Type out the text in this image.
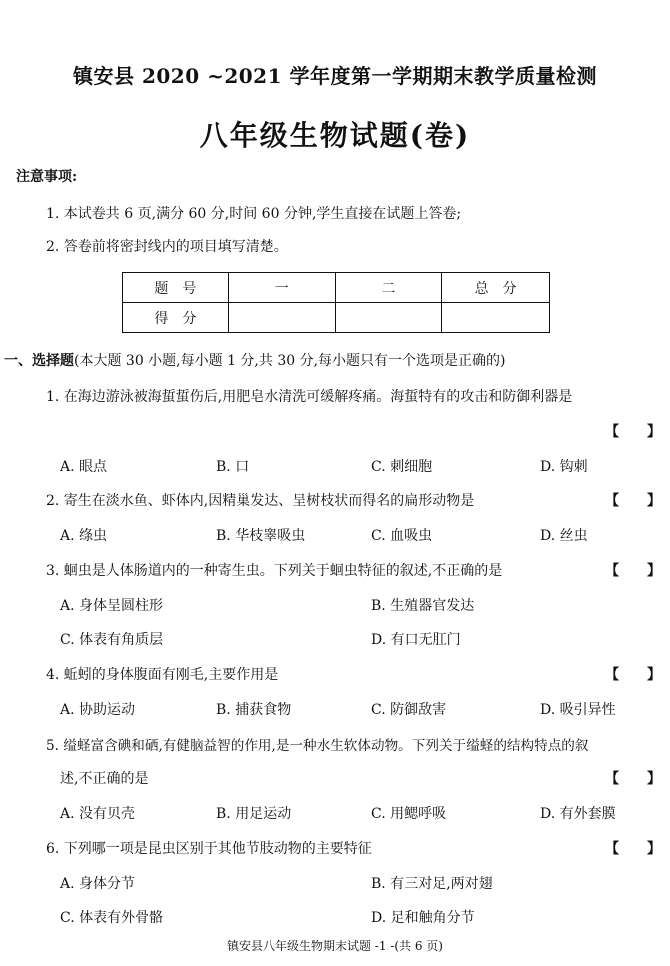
镇安县 2020 ~2021 学年度第一学期期末教学质量检测
八年级生物试题(卷)
注意事项:
1. 本试卷共 6 页,满分 60 分,时间 60 分钟,学生直接在试题上答卷;
2. 答卷前将密封线内的项目填写清楚。
题　号	一	二	总　分
得　分			
一、选择题(本大题 30 小题,每小题 1 分,共 30 分,每小题只有一个选项是正确的)
1. 在海边游泳被海蜇蜇伤后,用肥皂水清洗可缓解疼痛。海蜇特有的攻击和防御利器是
【　　】
A. 眼点	B. 口	C. 刺细胞	D. 钩刺
2. 寄生在淡水鱼、虾体内,因精巢发达、呈树枝状而得名的扁形动物是	【　　】
A. 绦虫	B. 华枝睾吸虫	C. 血吸虫	D. 丝虫
3. 蛔虫是人体肠道内的一种寄生虫。下列关于蛔虫特征的叙述,不正确的是	【　　】
A. 身体呈圆柱形	B. 生殖器官发达
C. 体表有角质层	D. 有口无肛门
4. 蚯蚓的身体腹面有刚毛,主要作用是	【　　】
A. 协助运动	B. 捕获食物	C. 防御敌害	D. 吸引异性
5. 缢蛏富含碘和硒,有健脑益智的作用,是一种水生软体动物。下列关于缢蛏的结构特点的叙
述,不正确的是	【　　】
A. 没有贝壳	B. 用足运动	C. 用鳃呼吸	D. 有外套膜
6. 下列哪一项是昆虫区别于其他节肢动物的主要特征	【　　】
A. 身体分节	B. 有三对足,两对翅
C. 体表有外骨骼	D. 足和触角分节
镇安县八年级生物期末试题 -1 -(共 6 页)
